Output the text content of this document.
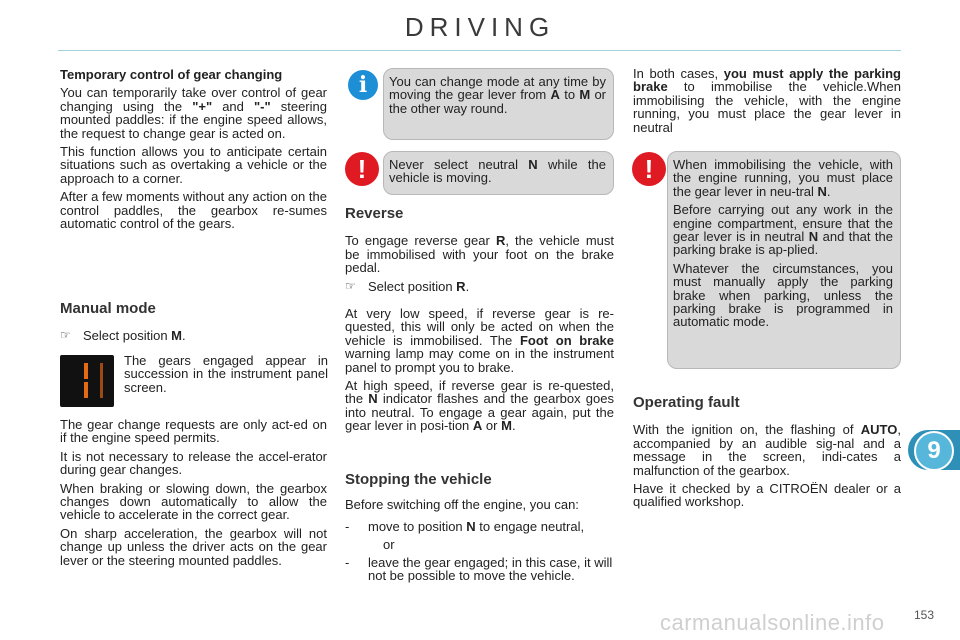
DRIVING

Temporary control of gear changing

You can temporarily take over control of gear changing using the "+" and "-" steering mounted paddles: if the engine speed allows, the request to change gear is acted on.

This function allows you to anticipate certain situations such as overtaking a vehicle or the approach to a corner.

After a few moments without any action on the control paddles, the gearbox re-sumes automatic control of the gears.

Manual mode

☞ Select position M.

The gears engaged appear in succession in the instrument panel screen.

The gear change requests are only act-ed on if the engine speed permits.

It is not necessary to release the accel-erator during gear changes.

When braking or slowing down, the gearbox changes down automatically to allow the vehicle to accelerate in the correct gear.

On sharp acceleration, the gearbox will not change up unless the driver acts on the gear lever or the steering mounted paddles.

i	You can change mode at any time by moving the gear lever from A to M or the other way round.

!	Never select neutral N while the vehicle is moving.

Reverse

To engage reverse gear R, the vehicle must be immobilised with your foot on the brake pedal.

☞ Select position R.

At very low speed, if reverse gear is re-quested, this will only be acted on when the vehicle is immobilised. The Foot on brake warning lamp may come on in the instrument panel to prompt you to brake.

At high speed, if reverse gear is re-quested, the N indicator flashes and the gearbox goes into neutral. To engage a gear again, put the gear lever in posi-tion A or M.

Stopping the vehicle

Before switching off the engine, you can:

- move to position N to engage neutral,

or

- leave the gear engaged; in this case, it will not be possible to move the vehicle.

In both cases, you must apply the parking brake to immobilise the vehicle.When immobilising the vehicle, with the engine running, you must place the gear lever in neutral

!	When immobilising the vehicle, with the engine running, you must place the gear lever in neu-tral N.

Before carrying out any work in the engine compartment, ensure that the gear lever is in neutral N and that the parking brake is ap-plied.

Whatever the circumstances, you must manually apply the parking brake when parking, unless the parking brake is programmed in automatic mode.

Operating fault

With the ignition on, the flashing of AUTO, accompanied by an audible sig-nal and a message in the screen, indi-cates a malfunction of the gearbox.

Have it checked by a CITROËN dealer or a qualified workshop.

9
carmanualsonline.info 153
